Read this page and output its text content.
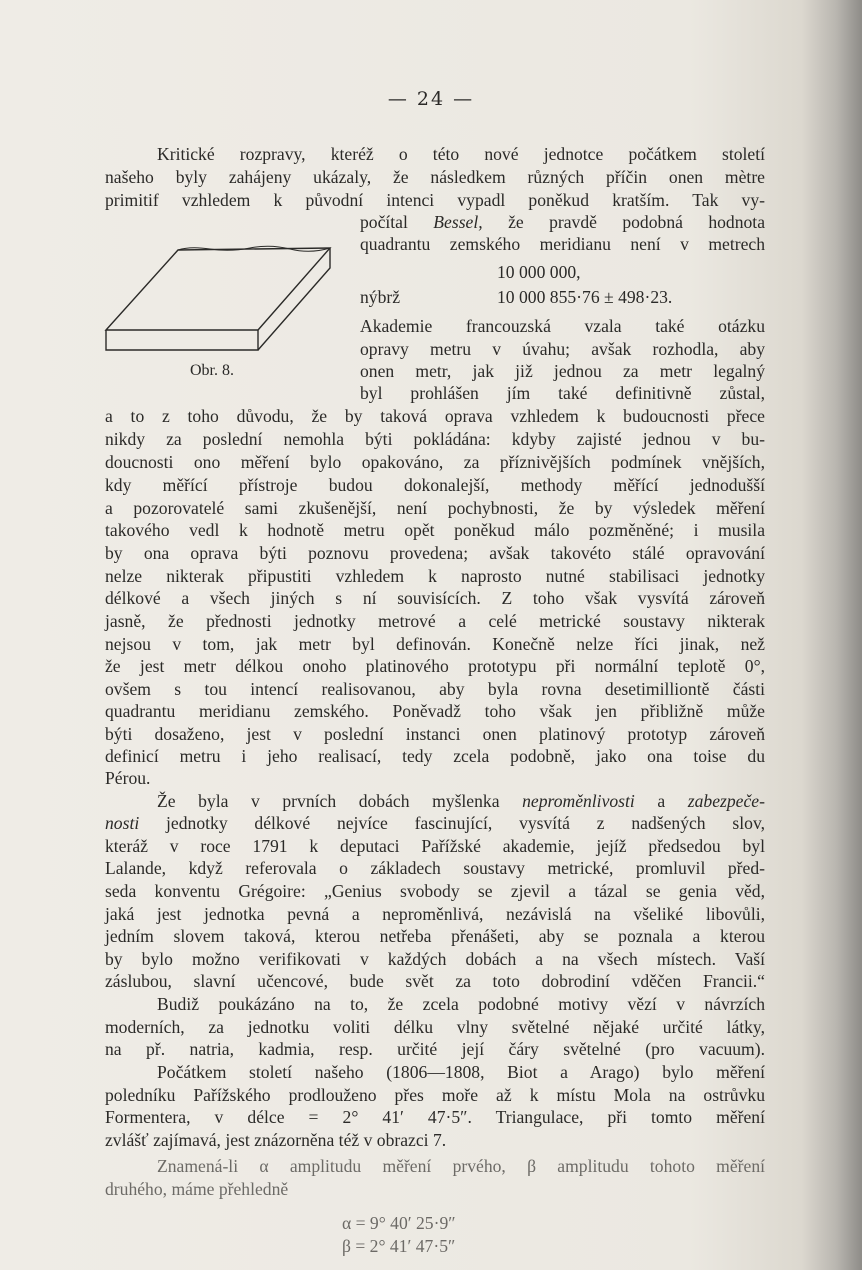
— 24 —
Kritické rozpravy, kteréž o této nové jednotce počátkem století
našeho byly zahájeny ukázaly, že následkem různých příčin onen mètre
primitif vzhledem k původní intenci vypadl poněkud kratším. Tak vy-
počítal Bessel, že pravdě podobná hodnota
quadrantu zemského meridianu není v metrech
10 000 000,
nýbrž	10 000 855·76 ± 498·23.
Akademie francouzská vzala také otázku
opravy metru v úvahu; avšak rozhodla, aby
onen metr, jak již jednou za metr legalný
byl prohlášen jím také definitivně zůstal,
Obr. 8.
a to z toho důvodu, že by taková oprava vzhledem k budoucnosti přece
nikdy za poslední nemohla býti pokládána: kdyby zajisté jednou v bu-
doucnosti ono měření bylo opakováno, za příznivějších podmínek vnějších,
kdy měřící přístroje budou dokonalejší, methody měřící jednodušší
a pozorovatelé sami zkušenější, není pochybnosti, že by výsledek měření
takového vedl k hodnotě metru opět poněkud málo pozměněné; i musila
by ona oprava býti poznovu provedena; avšak takovéto stálé opravování
nelze nikterak připustiti vzhledem k naprosto nutné stabilisaci jednotky
délkové a všech jiných s ní souvisících. Z toho však vysvítá zároveň
jasně, že přednosti jednotky metrové a celé metrické soustavy nikterak
nejsou v tom, jak metr byl definován. Konečně nelze říci jinak, než
že jest metr délkou onoho platinového prototypu při normální teplotě 0°,
ovšem s tou intencí realisovanou, aby byla rovna desetimilliontě části
quadrantu meridianu zemského. Poněvadž toho však jen přibližně může
býti dosaženo, jest v poslední instanci onen platinový prototyp zároveň
definicí metru i jeho realisací, tedy zcela podobně, jako ona toise du
Pérou.
Že byla v prvních dobách myšlenka neproměnlivosti a zabezpeče-
nosti jednotky délkové nejvíce fascinující, vysvítá z nadšených slov,
kteráž v roce 1791 k deputaci Pařížské akademie, jejíž předsedou byl
Lalande, když referovala o základech soustavy metrické, promluvil před-
seda konventu Grégoire: „Genius svobody se zjevil a tázal se genia věd,
jaká jest jednotka pevná a neproměnlivá, nezávislá na všeliké libovůli,
jedním slovem taková, kterou netřeba přenášeti, aby se poznala a kterou
by bylo možno verifikovati v každých dobách a na všech místech. Vaší
záslubou, slavní učencové, bude svět za toto dobrodiní vděčen Francii.“
Budiž poukázáno na to, že zcela podobné motivy vězí v návrzích
moderních, za jednotku voliti délku vlny světelné nějaké určité látky,
na př. natria, kadmia, resp. určité její čáry světelné (pro vacuum).
Počátkem století našeho (1806—1808, Biot a Arago) bylo měření
poledníku Pařížského prodlouženo přes moře až k místu Mola na ostrůvku
Formentera, v délce = 2° 41′ 47·5″. Triangulace, při tomto měření
zvlášť zajímavá, jest znázorněna též v obrazci 7.
Znamená-li α amplitudu měření prvého, β amplitudu tohoto měření
druhého, máme přehledně
α = 9° 40′ 25·9″
β = 2° 41′ 47·5″
